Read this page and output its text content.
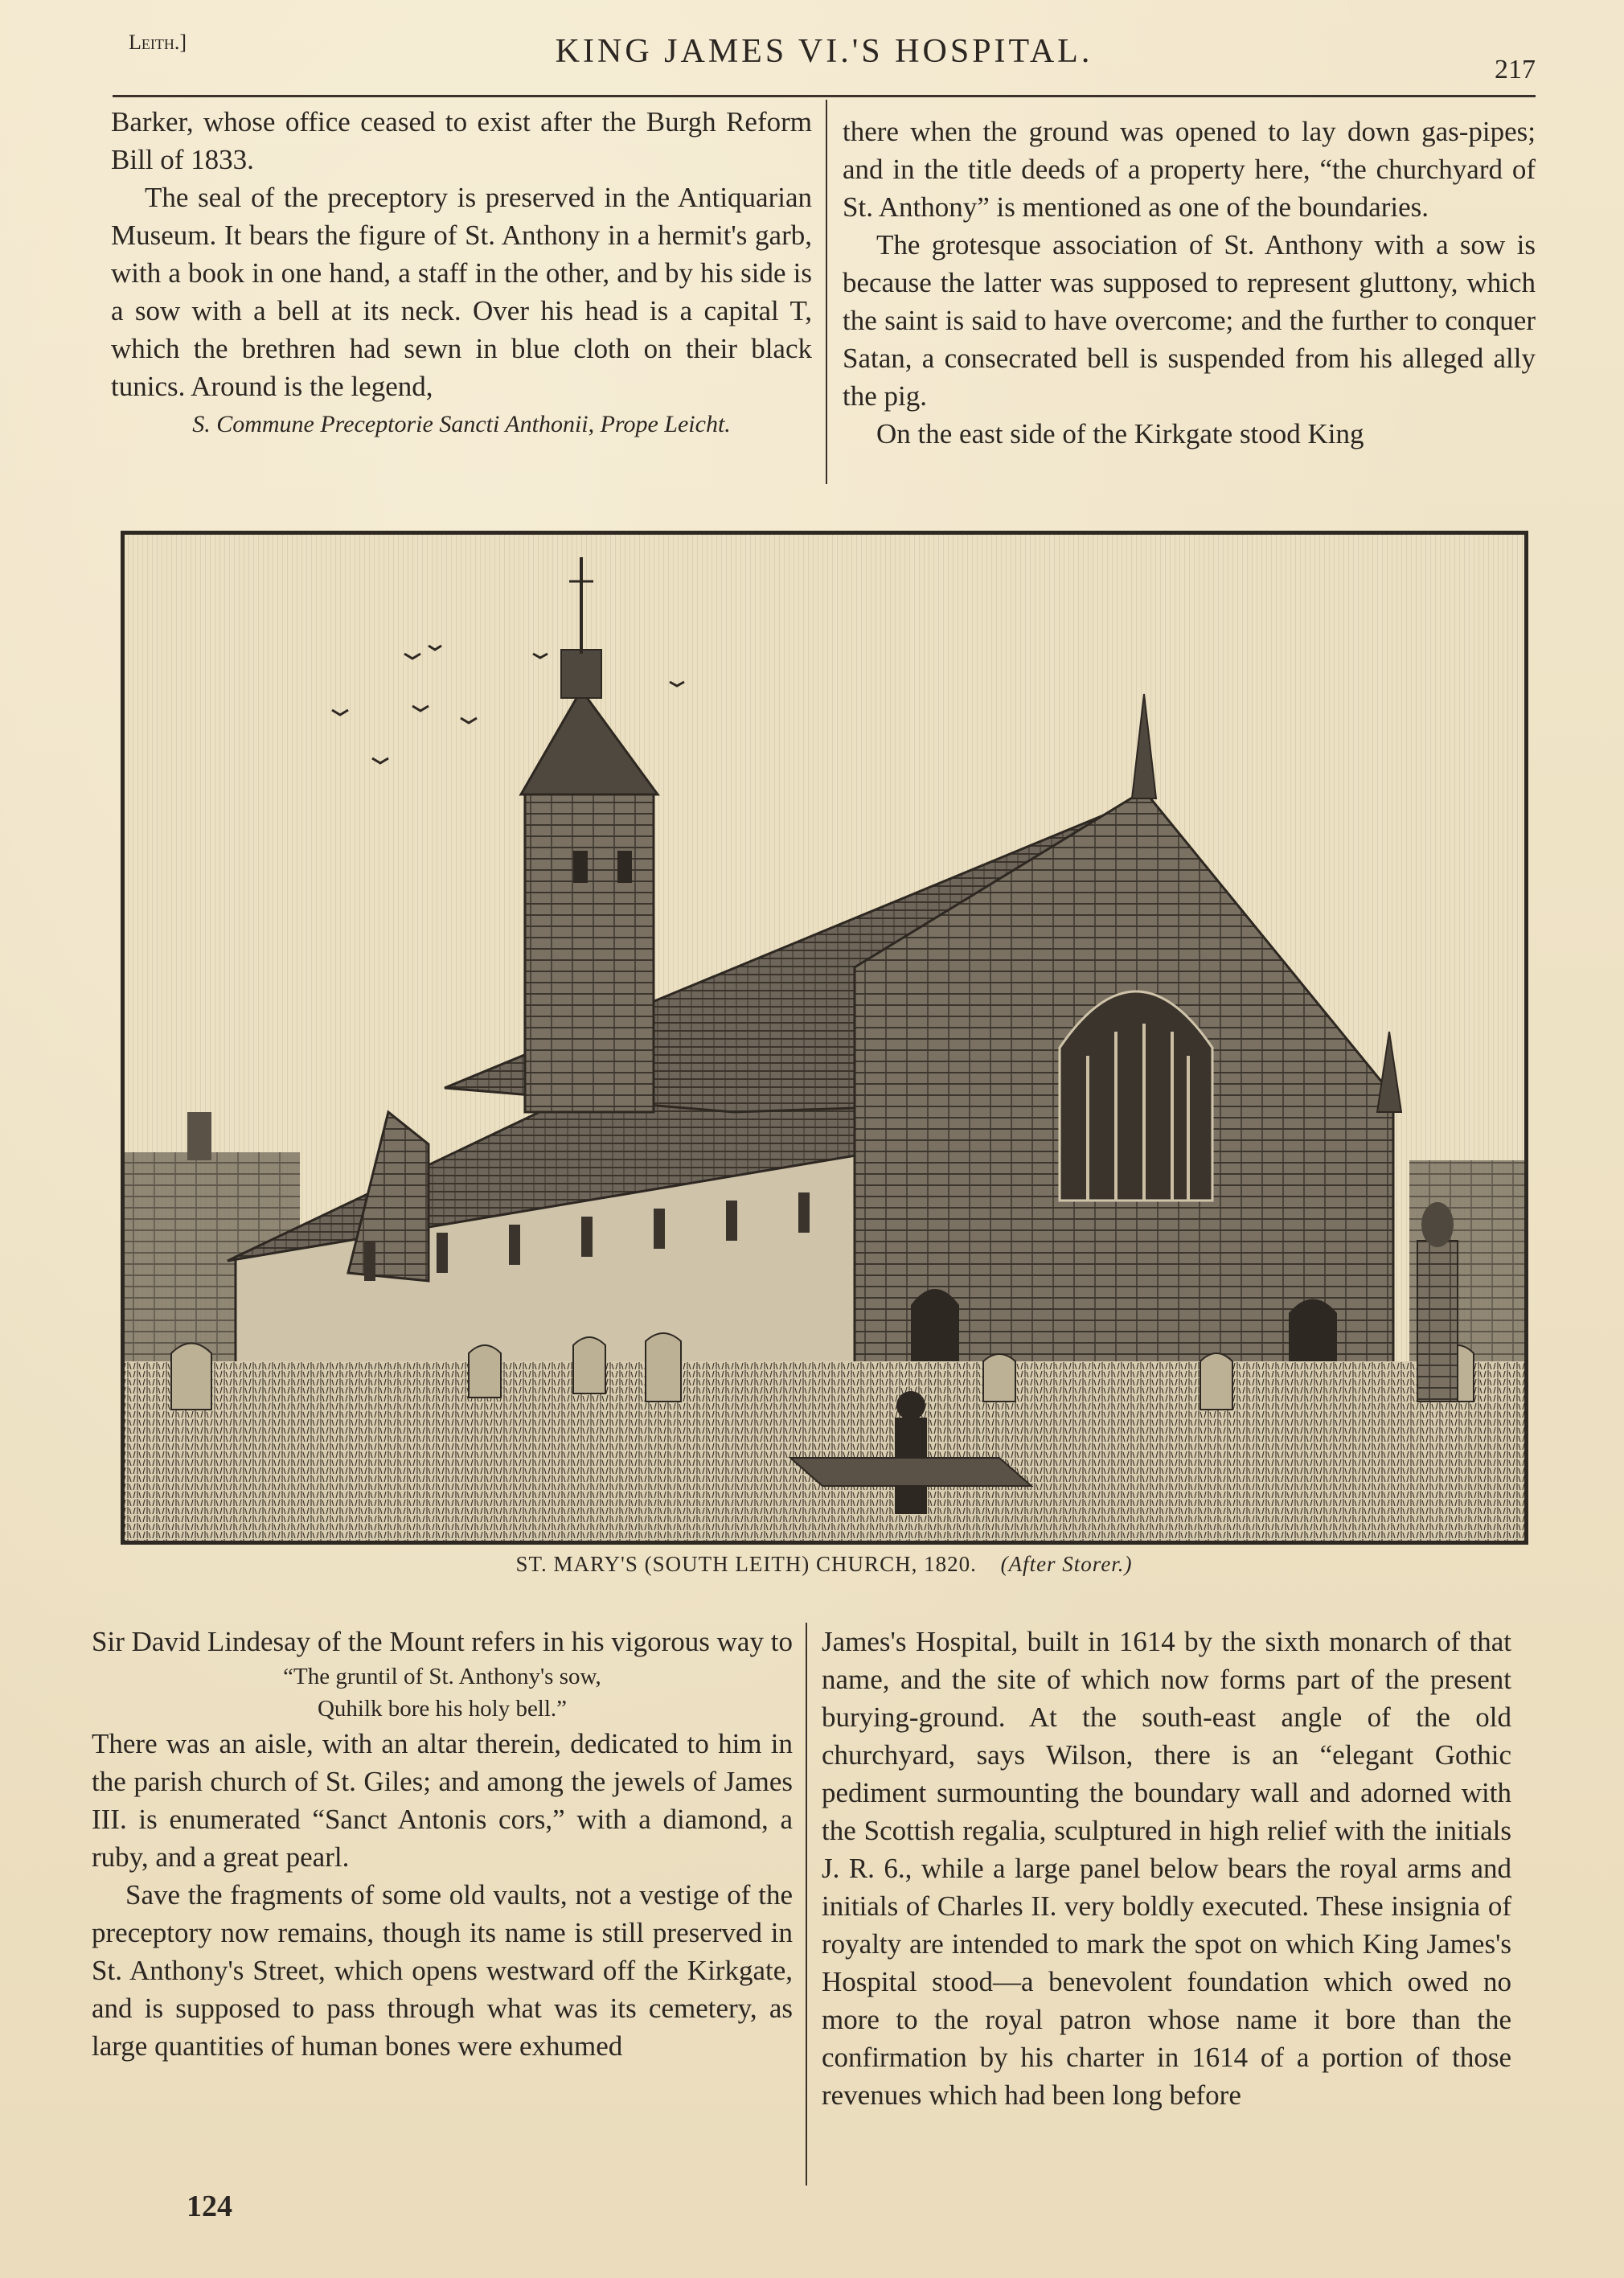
Leith.]	KING JAMES VI.'S HOSPITAL.	217

Barker, whose office ceased to exist after the Burgh Reform Bill of 1833.

The seal of the preceptory is preserved in the Antiquarian Museum. It bears the figure of St. Anthony in a hermit's garb, with a book in one hand, a staff in the other, and by his side is a sow with a bell at its neck. Over his head is a capital T, which the brethren had sewn in blue cloth on their black tunics. Around is the legend,

S. Commune Preceptorie Sancti Anthonii, Prope Leicht.

there when the ground was opened to lay down gas-pipes; and in the title deeds of a property here, “the churchyard of St. Anthony” is mentioned as one of the boundaries.

The grotesque association of St. Anthony with a sow is because the latter was supposed to represent gluttony, which the saint is said to have overcome; and the further to conquer Satan, a consecrated bell is suspended from his alleged ally the pig.

On the east side of the Kirkgate stood King

ST. MARY'S (SOUTH LEITH) CHURCH, 1820. (After Storer.)

Sir David Lindesay of the Mount refers in his vigorous way to

“The gruntil of St. Anthony's sow,

Quhilk bore his holy bell.”

There was an aisle, with an altar therein, dedicated to him in the parish church of St. Giles; and among the jewels of James III. is enumerated “Sanct Antonis cors,” with a diamond, a ruby, and a great pearl.

Save the fragments of some old vaults, not a vestige of the preceptory now remains, though its name is still preserved in St. Anthony's Street, which opens westward off the Kirkgate, and is supposed to pass through what was its cemetery, as large quantities of human bones were exhumed

James's Hospital, built in 1614 by the sixth monarch of that name, and the site of which now forms part of the present burying-ground. At the south-east angle of the old churchyard, says Wilson, there is an “elegant Gothic pediment surmounting the boundary wall and adorned with the Scottish regalia, sculptured in high relief with the initials J. R. 6., while a large panel below bears the royal arms and initials of Charles II. very boldly executed. These insignia of royalty are intended to mark the spot on which King James's Hospital stood—a benevolent foundation which owed no more to the royal patron whose name it bore than the confirmation by his charter in 1614 of a portion of those revenues which had been long before

124
